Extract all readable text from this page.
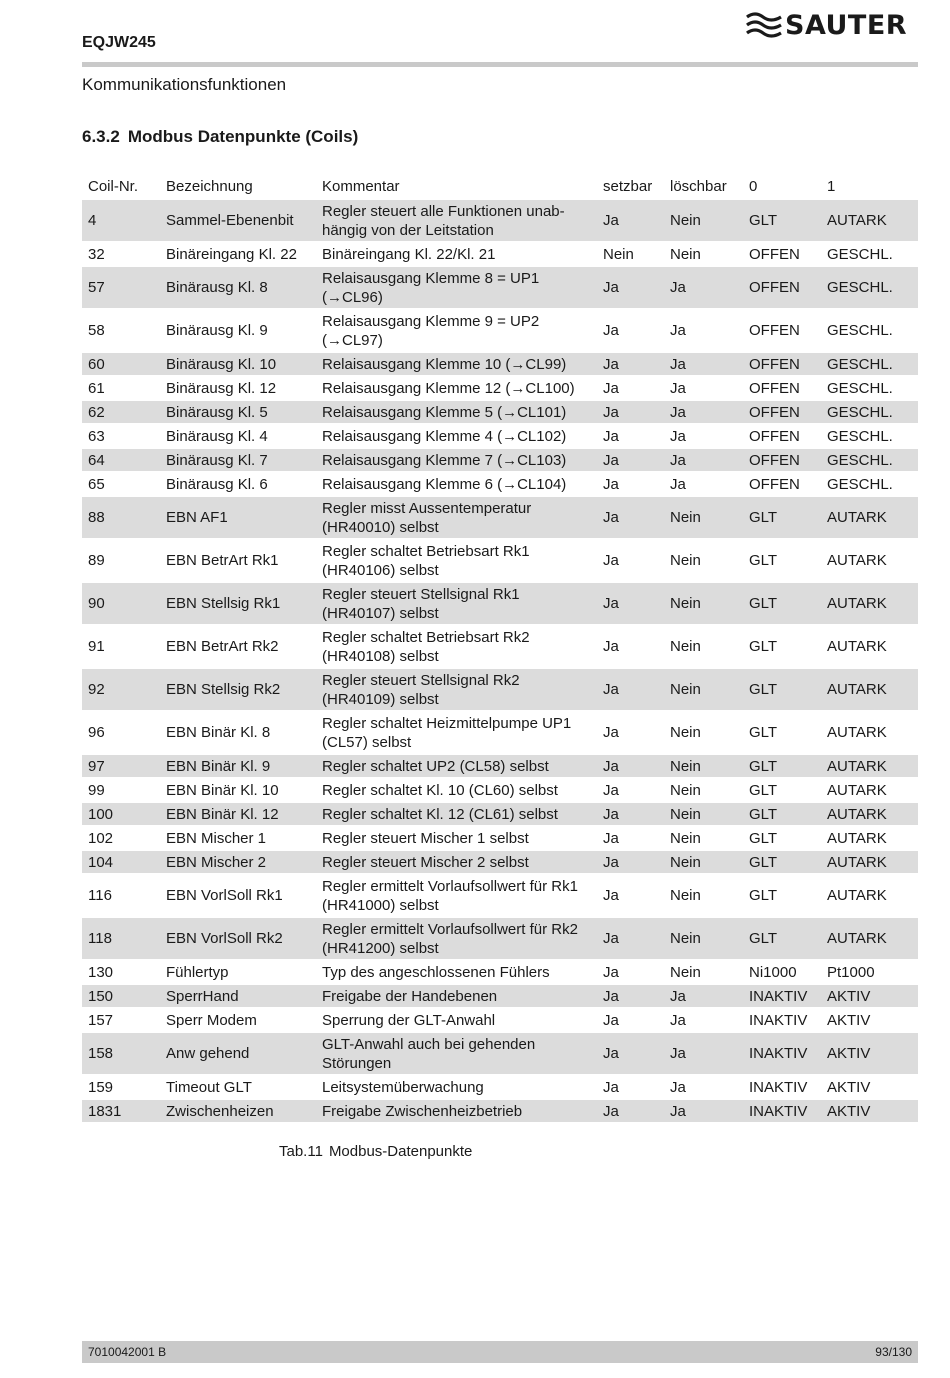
EQJW245
SAUTER
Kommunikationsfunktionen
6.3.2 Modbus Datenpunkte (Coils)
Coil-Nr.	Bezeichnung	Kommentar	setzbar	löschbar	0	1
4	Sammel-Ebenenbit	Regler steuert alle Funktionen unab-hängig von der Leitstation	Ja	Nein	GLT	AUTARK
32	Binäreingang Kl. 22	Binäreingang Kl. 22/Kl. 21	Nein	Nein	OFFEN	GESCHL.
57	Binärausg Kl. 8	Relaisausgang Klemme 8 = UP1 (→CL96)	Ja	Ja	OFFEN	GESCHL.
58	Binärausg Kl. 9	Relaisausgang Klemme 9 = UP2 (→CL97)	Ja	Ja	OFFEN	GESCHL.
60	Binärausg Kl. 10	Relaisausgang Klemme 10 (→CL99)	Ja	Ja	OFFEN	GESCHL.
61	Binärausg Kl. 12	Relaisausgang Klemme 12 (→CL100)	Ja	Ja	OFFEN	GESCHL.
62	Binärausg Kl. 5	Relaisausgang Klemme 5 (→CL101)	Ja	Ja	OFFEN	GESCHL.
63	Binärausg Kl. 4	Relaisausgang Klemme 4 (→CL102)	Ja	Ja	OFFEN	GESCHL.
64	Binärausg Kl. 7	Relaisausgang Klemme 7 (→CL103)	Ja	Ja	OFFEN	GESCHL.
65	Binärausg Kl. 6	Relaisausgang Klemme 6 (→CL104)	Ja	Ja	OFFEN	GESCHL.
88	EBN AF1	Regler misst Aussentemperatur (HR40010) selbst	Ja	Nein	GLT	AUTARK
89	EBN BetrArt Rk1	Regler schaltet Betriebsart Rk1 (HR40106) selbst	Ja	Nein	GLT	AUTARK
90	EBN Stellsig Rk1	Regler steuert Stellsignal Rk1 (HR40107) selbst	Ja	Nein	GLT	AUTARK
91	EBN BetrArt Rk2	Regler schaltet Betriebsart Rk2 (HR40108) selbst	Ja	Nein	GLT	AUTARK
92	EBN Stellsig Rk2	Regler steuert Stellsignal Rk2 (HR40109) selbst	Ja	Nein	GLT	AUTARK
96	EBN Binär Kl. 8	Regler schaltet Heizmittelpumpe UP1 (CL57) selbst	Ja	Nein	GLT	AUTARK
97	EBN Binär Kl. 9	Regler schaltet UP2 (CL58) selbst	Ja	Nein	GLT	AUTARK
99	EBN Binär Kl. 10	Regler schaltet Kl. 10 (CL60) selbst	Ja	Nein	GLT	AUTARK
100	EBN Binär Kl. 12	Regler schaltet Kl. 12 (CL61) selbst	Ja	Nein	GLT	AUTARK
102	EBN Mischer 1	Regler steuert Mischer 1 selbst	Ja	Nein	GLT	AUTARK
104	EBN Mischer 2	Regler steuert Mischer 2 selbst	Ja	Nein	GLT	AUTARK
116	EBN VorlSoll Rk1	Regler ermittelt Vorlaufsollwert für Rk1 (HR41000) selbst	Ja	Nein	GLT	AUTARK
118	EBN VorlSoll Rk2	Regler ermittelt Vorlaufsollwert für Rk2 (HR41200) selbst	Ja	Nein	GLT	AUTARK
130	Fühlertyp	Typ des angeschlossenen Fühlers	Ja	Nein	Ni1000	Pt1000
150	SperrHand	Freigabe der Handebenen	Ja	Ja	INAKTIV	AKTIV
157	Sperr Modem	Sperrung der GLT-Anwahl	Ja	Ja	INAKTIV	AKTIV
158	Anw gehend	GLT-Anwahl auch bei gehenden Störungen	Ja	Ja	INAKTIV	AKTIV
159	Timeout GLT	Leitsystemüberwachung	Ja	Ja	INAKTIV	AKTIV
1831	Zwischenheizen	Freigabe Zwischenheizbetrieb	Ja	Ja	INAKTIV	AKTIV
Tab.11 Modbus-Datenpunkte
7010042001 B	93/130
